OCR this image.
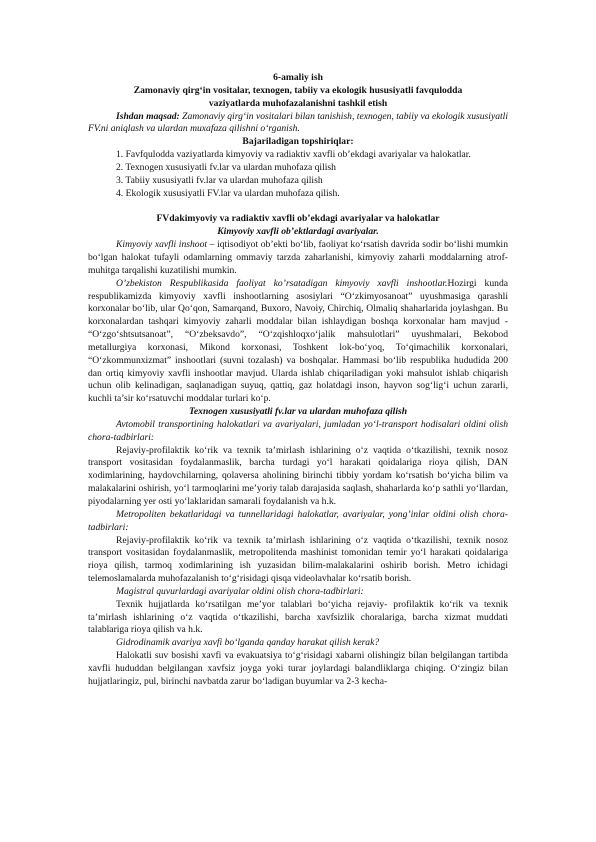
6-amaliy ish
Zamonaviy qirg‘in vositalar, texnogen, tabiiy va ekologik hususiyatli favqulodda
vaziyatlarda muhofazalanishni tashkil etish

Ishdan maqsad: Zamonaviy qirg‘in vositalari bilan tanishish, texnogen, tabiiy va ekologik xususiyatli FV.ni aniqlash va ulardan muxafaza qilishni o‘rganish.

Bajariladigan topshiriqlar:

1. Favfqulodda vaziyatlarda kimyoviy va radiaktiv xavfli ob’ekdagi avariyalar va halokatlar.

2. Texnogen xususiyatli fv.lar va ulardan muhofaza qilish

3. Tabiiy xususiyatli fv.lar va ulardan muhofaza qilish

4. Ekologik xususiyatli FV.lar va ulardan muhofaza qilish.

FVdakimyoviy va radiaktiv xavfli ob’ekdagi avariyalar va halokatlar
Kimyoviy xavfli ob’ektlardagi avariyalar.

Kimyoviy xavfli inshoot – iqtisodiyot ob’ekti bo‘lib, faoliyat ko‘rsatish davrida sodir bo‘lishi mumkin bo‘lgan halokat tufayli odamlarning ommaviy tarzda zaharlanishi, kimyoviy zaharli moddalarning atrof-muhitga tarqalishi kuzatilishi mumkin.

O’zbekiston Respublikasida faoliyat ko’rsatadigan kimyoviy xavfli inshootlar.Hozirgi kunda respublikamizda kimyoviy xavfli inshootlarning asosiylari “O‘zkimyosanoat” uyushmasiga qarashli korxonalar bo‘lib, ular Qo‘qon, Samarqand, Buxoro, Navoiy, Chirchiq, Olmaliq shaharlarida joylashgan. Bu korxonalardan tashqari kimyoviy zaharli moddalar bilan ishlaydigan boshqa korxonalar ham mavjud - “O‘zgo‘shtsutsanoat”, “O‘zbeksavdo”, “O‘zqishloqxo‘jalik mahsulotlari” uyushmalari, Bekobod metallurgiya korxonasi, Mikond korxonasi, Toshkent lok-bo‘yoq, To‘qimachilik korxonalari, “O‘zkommunxizmat” inshootlari (suvni tozalash) va boshqalar. Hammasi bo‘lib respublika hududida 200 dan ortiq kimyoviy xavfli inshootlar mavjud. Ularda ishlab chiqariladigan yoki mahsulot ishlab chiqarish uchun olib kelinadigan, saqlanadigan suyuq, qattiq, gaz holatdagi inson, hayvon sog‘lig‘i uchun zararli, kuchli ta’sir ko‘rsatuvchi moddalar turlari ko‘p.

Texnogen xususiyatli fv.lar va ulardan muhofaza qilish

Avtomobil transportining halokatlari va avariyalari, jumladan yo‘l-transport hodisalari oldini olish chora-tadbirlari:

Rejaviy-profilaktik ko‘rik va texnik ta’mirlash ishlarining o‘z vaqtida o‘tkazilishi, texnik nosoz transport vositasidan foydalanmaslik, barcha turdagi yo‘l harakati qoidalariga rioya qilish, DAN xodimlarining, haydovchilarning, qolaversa aholining birinchi tibbiy yordam ko‘rsatish bo‘yicha bilim va malakalarini oshirish, yo‘l tarmoqlarini me’yoriy talab darajasida saqlash, shaharlarda ko‘p sathli yo‘llardan, piyodalarning yer osti yo‘laklaridan samarali foydalanish va h.k.

Metropoliten bekatlaridagi va tunnellaridagi halokatlar, avariyalar, yong’inlar oldini olish chora-tadbirlari:

Rejaviy-profilaktik ko‘rik va texnik ta’mirlash ishlarining o‘z vaqtida o‘tkazilishi, texnik nosoz transport vositasidan foydalanmaslik, metropolitenda mashinist tomonidan temir yo‘l harakati qoidalariga rioya qilish, tarmoq xodimlarining ish yuzasidan bilim-malakalarini oshirib borish. Metro ichidagi telemoslamalarda muhofazalanish to‘g‘risidagi qisqa videolavhalar ko‘rsatib borish.

Magistral quvurlardagi avariyalar oldini olish chora-tadbirlari:

Texnik hujjatlarda ko‘rsatilgan me’yor talablari bo‘yicha rejaviy- profilaktik ko‘rik va texnik ta’mirlash ishlarining o‘z vaqtida o‘tkazilishi, barcha xavfsizlik choralariga, barcha xizmat muddati talablariga rioya qilish va h.k.

Gidrodinamik avariya xavfi bo‘lganda qanday harakat qilish kerak?

Halokatli suv bosishi xavfi va evakuatsiya to‘g‘risidagi xabarni olishingiz bilan belgilangan tartibda xavfli hududdan belgilangan xavfsiz joyga yoki turar joylardagi balandliklarga chiqing. O‘zingiz bilan hujjatlaringiz, pul, birinchi navbatda zarur bo‘ladigan buyumlar va 2-3 kecha-
